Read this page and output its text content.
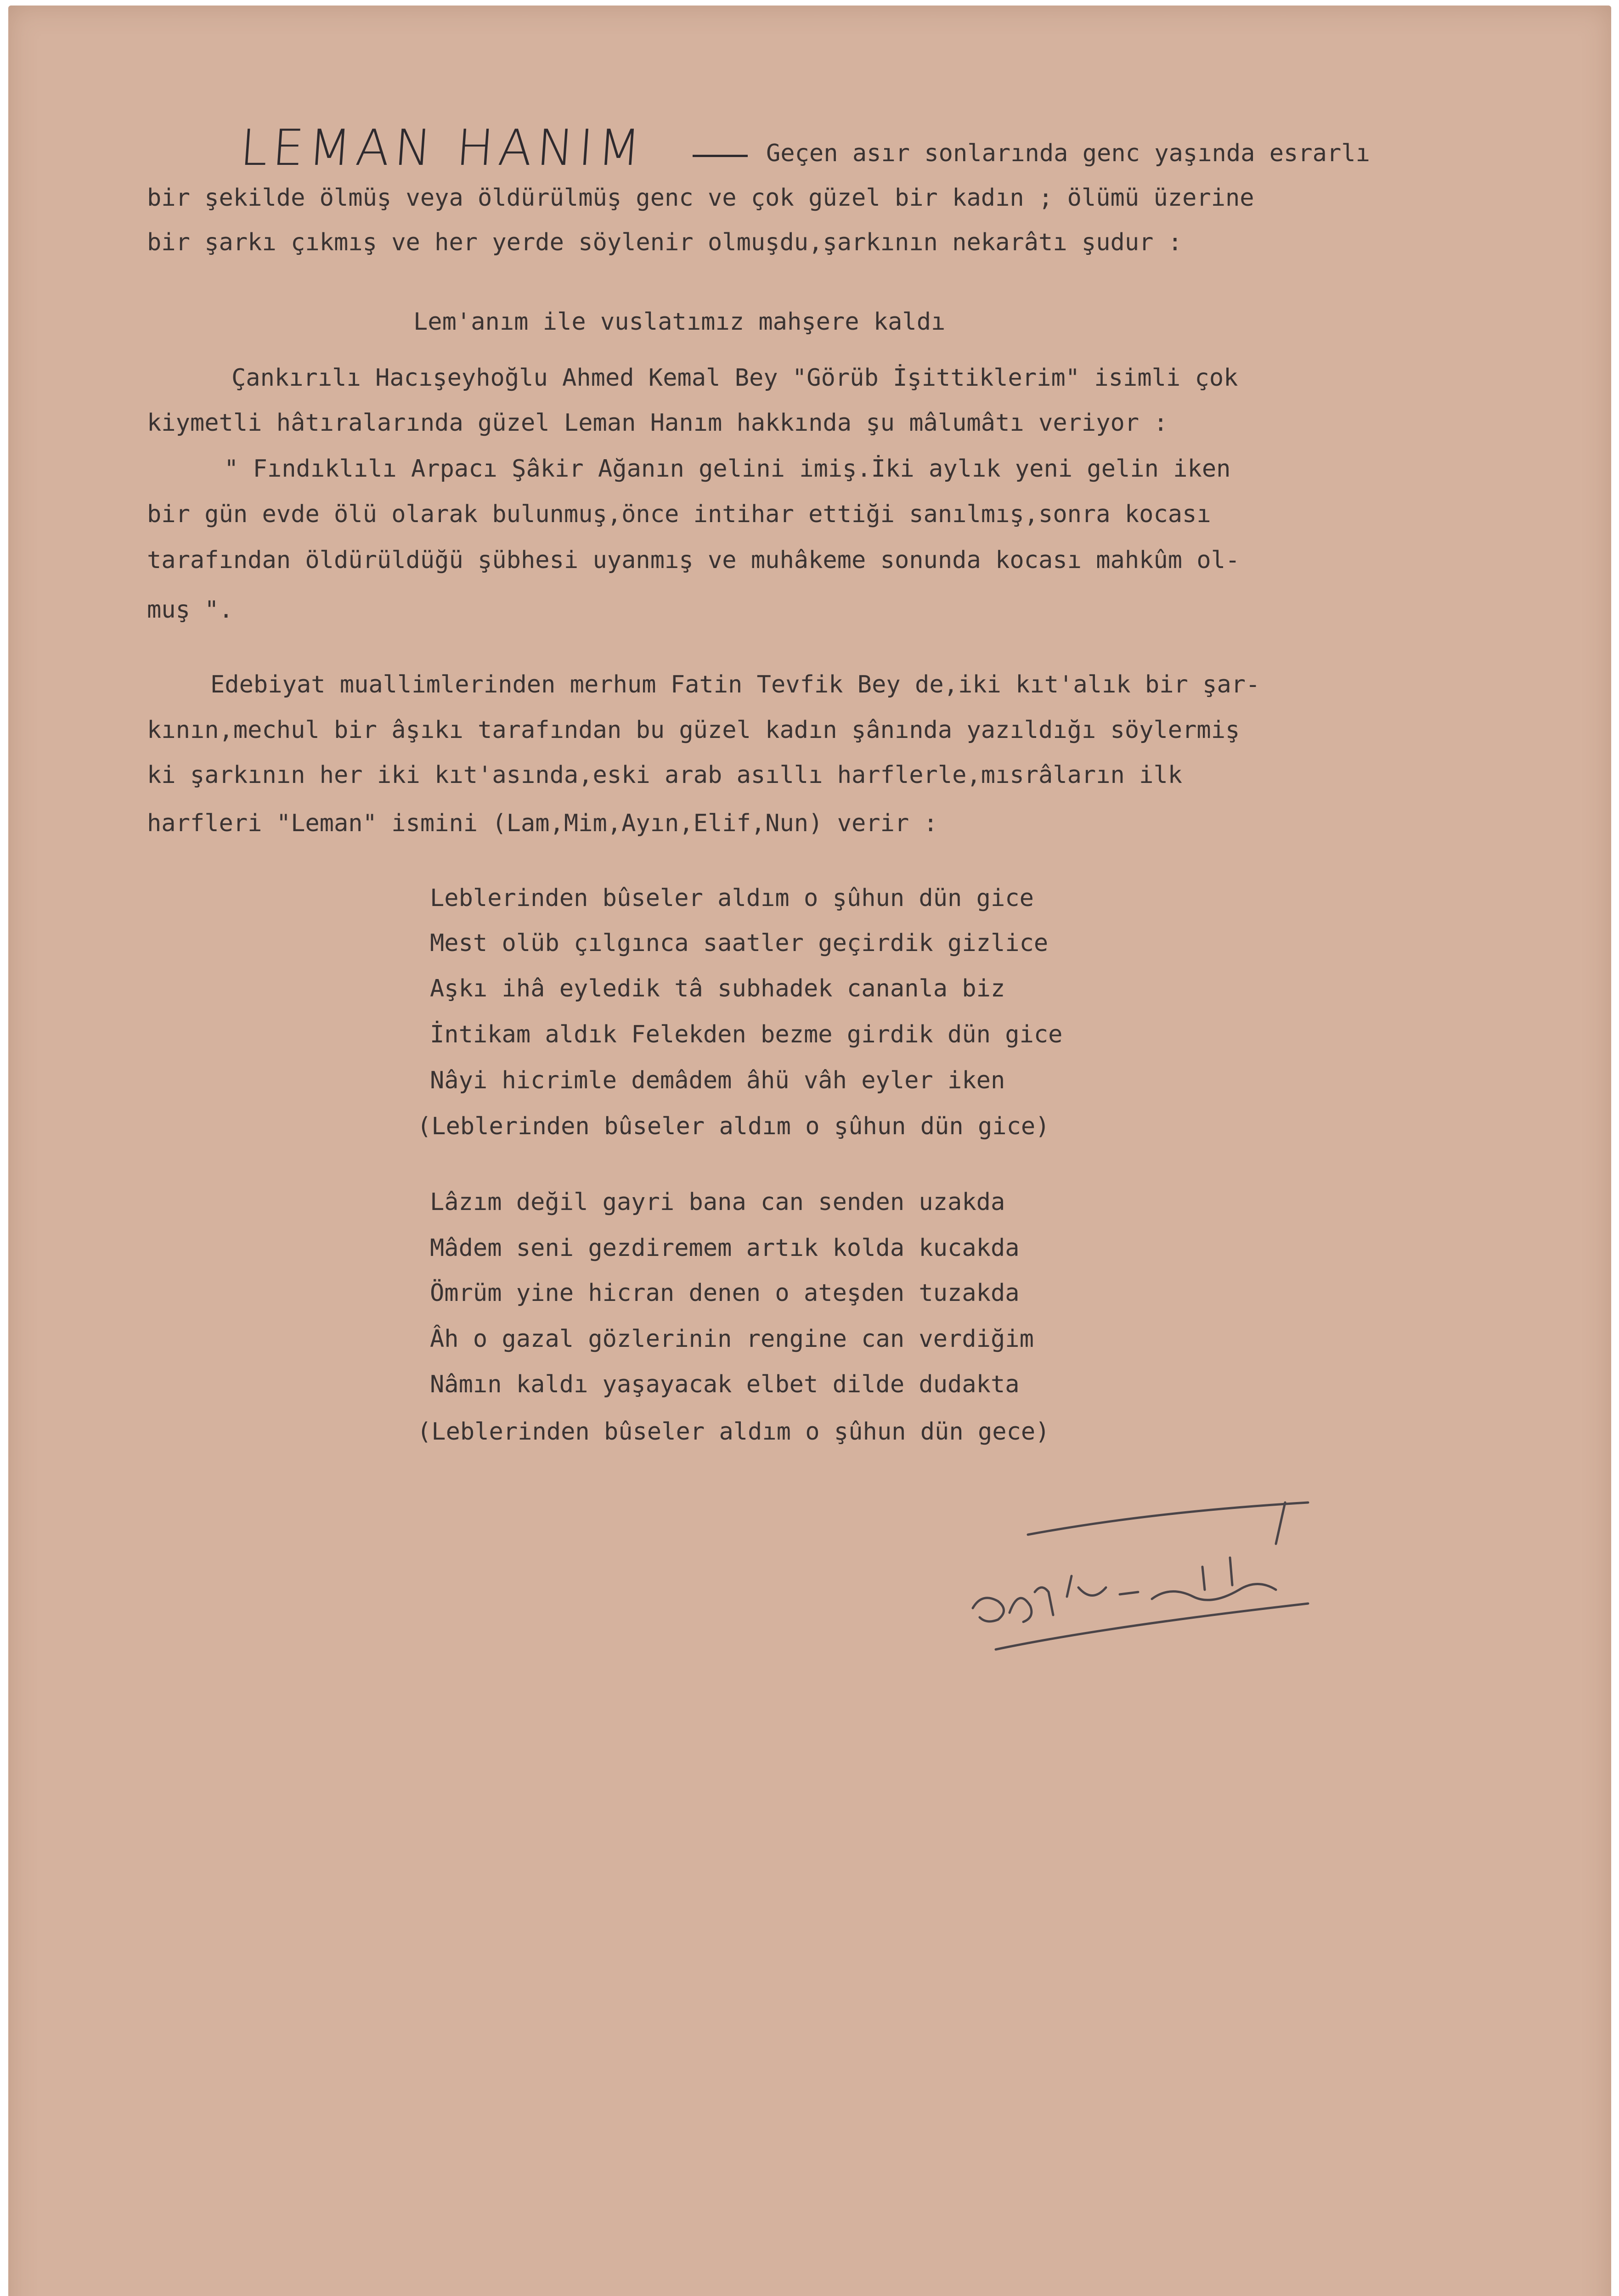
LEMAN HANIM	Geçen asır sonlarında genc yaşında esrarlı
bir şekilde ölmüş veya öldürülmüş genc ve çok güzel bir kadın ; ölümü üzerine
bir şarkı çıkmış ve her yerde söylenir olmuşdu,şarkının nekarâtı şudur :
Lem'anım ile vuslatımız mahşere kaldı
Çankırılı Hacışeyhoğlu Ahmed Kemal Bey "Görüb İşittiklerim" isimli çok
kiymetli hâtıralarında güzel Leman Hanım hakkında şu mâlumâtı veriyor :
" Fındıklılı Arpacı Şâkir Ağanın gelini imiş.İki aylık yeni gelin iken
bir gün evde ölü olarak bulunmuş,önce intihar ettiği sanılmış,sonra kocası
tarafından öldürüldüğü şübhesi uyanmış ve muhâkeme sonunda kocası mahkûm ol-
muş ".
Edebiyat muallimlerinden merhum Fatin Tevfik Bey de,iki kıt'alık bir şar-
kının,mechul bir âşıkı tarafından bu güzel kadın şânında yazıldığı söylermiş
ki şarkının her iki kıt'asında,eski arab asıllı harflerle,mısrâların ilk
harfleri "Leman" ismini (Lam,Mim,Ayın,Elif,Nun) verir :
Leblerinden bûseler aldım o şûhun dün gice
Mest olüb çılgınca saatler geçirdik gizlice
Aşkı ihâ eyledik tâ subhadek cananla biz
İntikam aldık Felekden bezme girdik dün gice
Nâyi hicrimle demâdem âhü vâh eyler iken
(Leblerinden bûseler aldım o şûhun dün gice)
Lâzım değil gayri bana can senden uzakda
Mâdem seni gezdiremem artık kolda kucakda
Ömrüm yine hicran denen o ateşden tuzakda
Âh o gazal gözlerinin rengine can verdiğim
Nâmın kaldı yaşayacak elbet dilde dudakta
(Leblerinden bûseler aldım o şûhun dün gece)
